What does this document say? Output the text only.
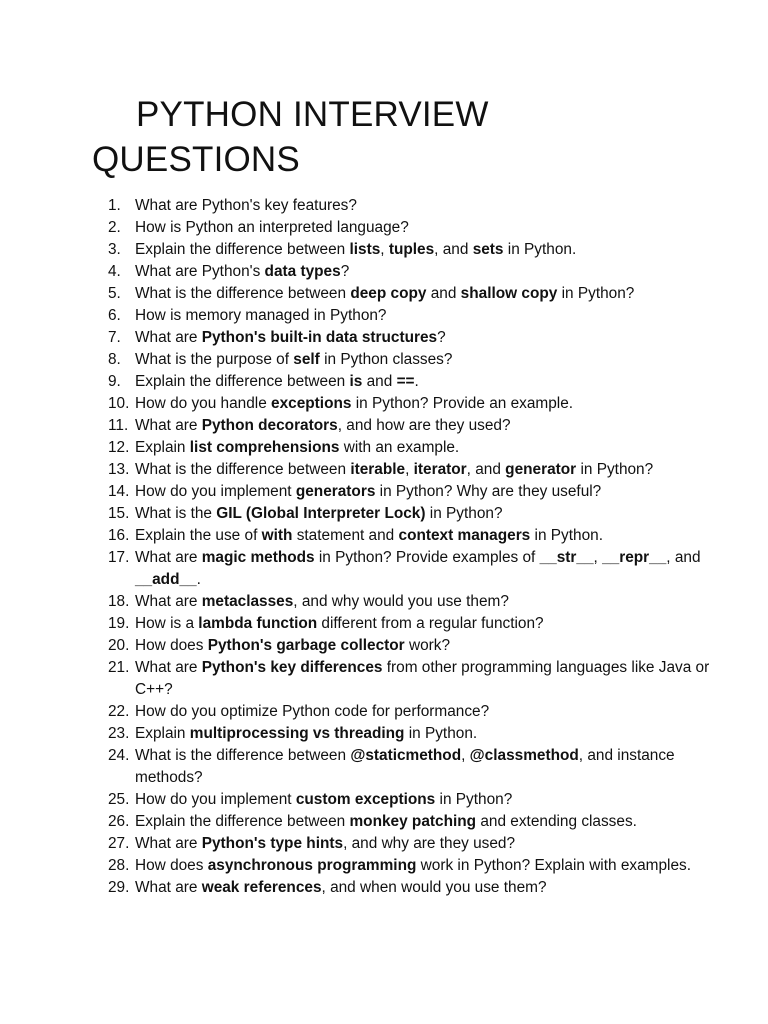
PYTHON INTERVIEW
QUESTIONS
1. What are Python's key features?
2. How is Python an interpreted language?
3. Explain the difference between lists, tuples, and sets in Python.
4. What are Python's data types?
5. What is the difference between deep copy and shallow copy in Python?
6. How is memory managed in Python?
7. What are Python's built-in data structures?
8. What is the purpose of self in Python classes?
9. Explain the difference between is and ==.
10. How do you handle exceptions in Python? Provide an example.
11. What are Python decorators, and how are they used?
12. Explain list comprehensions with an example.
13. What is the difference between iterable, iterator, and generator in Python?
14. How do you implement generators in Python? Why are they useful?
15. What is the GIL (Global Interpreter Lock) in Python?
16. Explain the use of with statement and context managers in Python.
17. What are magic methods in Python? Provide examples of __str__, __repr__, and __add__.
18. What are metaclasses, and why would you use them?
19. How is a lambda function different from a regular function?
20. How does Python's garbage collector work?
21. What are Python's key differences from other programming languages like Java or C++?
22. How do you optimize Python code for performance?
23. Explain multiprocessing vs threading in Python.
24. What is the difference between @staticmethod, @classmethod, and instance methods?
25. How do you implement custom exceptions in Python?
26. Explain the difference between monkey patching and extending classes.
27. What are Python's type hints, and why are they used?
28. How does asynchronous programming work in Python? Explain with examples.
29. What are weak references, and when would you use them?
